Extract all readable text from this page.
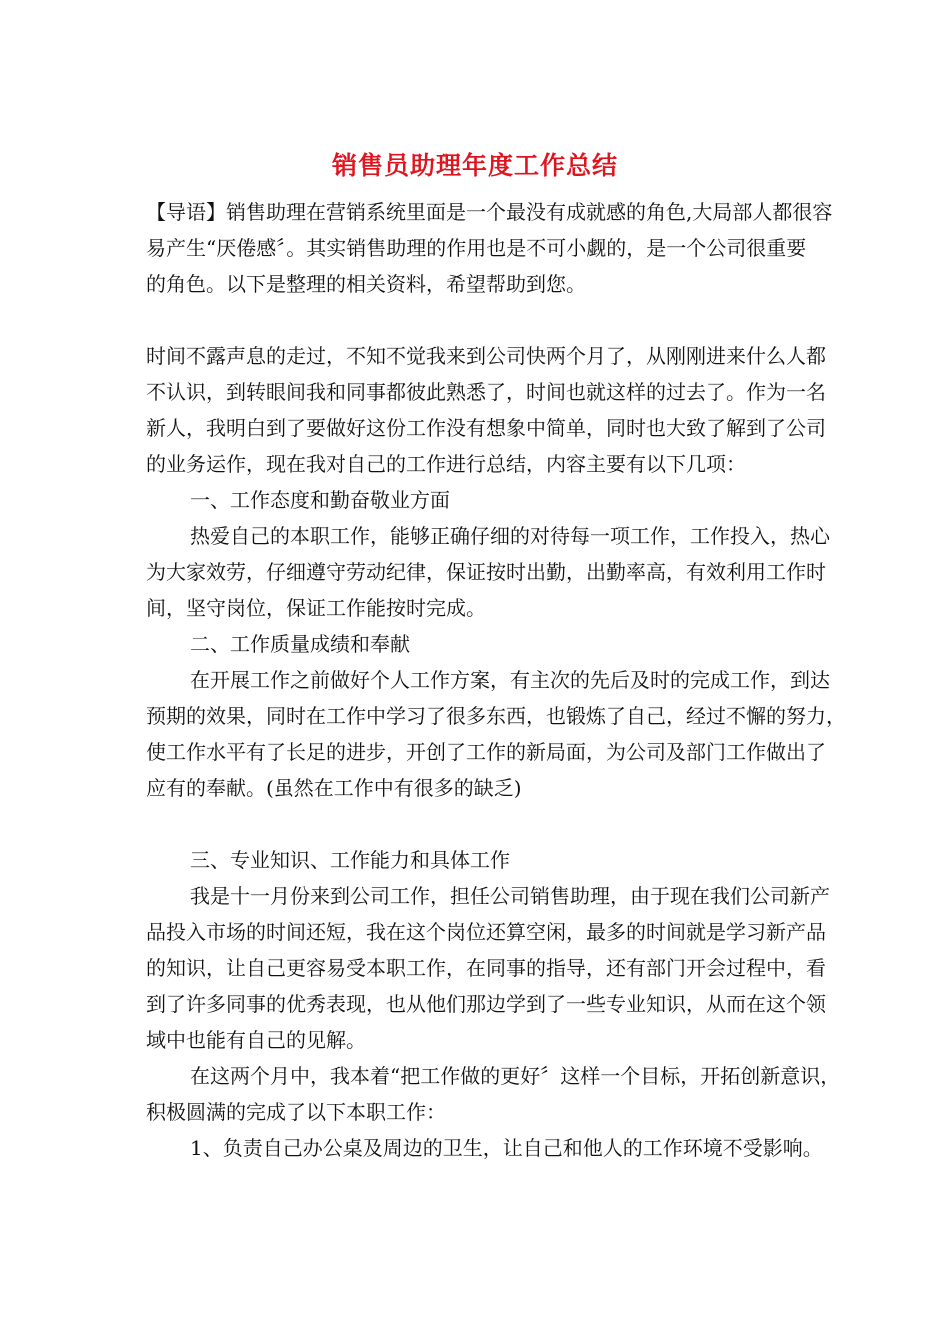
销售员助理年度工作总结

【导语】销售助理在营销系统里面是一个最没有成就感的角色,大局部人都很容

易产生“厌倦感〞。其实销售助理的作用也是不可小觑的，是一个公司很重要

的角色。以下是整理的相关资料，希望帮助到您。

时间不露声息的走过，不知不觉我来到公司快两个月了，从刚刚进来什么人都

不认识，到转眼间我和同事都彼此熟悉了，时间也就这样的过去了。作为一名

新人，我明白到了要做好这份工作没有想象中简单，同时也大致了解到了公司

的业务运作，现在我对自己的工作进行总结，内容主要有以下几项：

一、工作态度和勤奋敬业方面

热爱自己的本职工作，能够正确仔细的对待每一项工作，工作投入，热心

为大家效劳，仔细遵守劳动纪律，保证按时出勤，出勤率高，有效利用工作时

间，坚守岗位，保证工作能按时完成。

二、工作质量成绩和奉献

在开展工作之前做好个人工作方案，有主次的先后及时的完成工作，到达

预期的效果，同时在工作中学习了很多东西，也锻炼了自己，经过不懈的努力，

使工作水平有了长足的进步，开创了工作的新局面，为公司及部门工作做出了

应有的奉献。(虽然在工作中有很多的缺乏)

三、专业知识、工作能力和具体工作

我是十一月份来到公司工作，担任公司销售助理，由于现在我们公司新产

品投入市场的时间还短，我在这个岗位还算空闲，最多的时间就是学习新产品

的知识，让自己更容易受本职工作，在同事的指导，还有部门开会过程中，看

到了许多同事的优秀表现，也从他们那边学到了一些专业知识，从而在这个领

域中也能有自己的见解。

在这两个月中，我本着“把工作做的更好〞这样一个目标，开拓创新意识，

积极圆满的完成了以下本职工作：

1、负责自己办公桌及周边的卫生，让自己和他人的工作环境不受影响。
